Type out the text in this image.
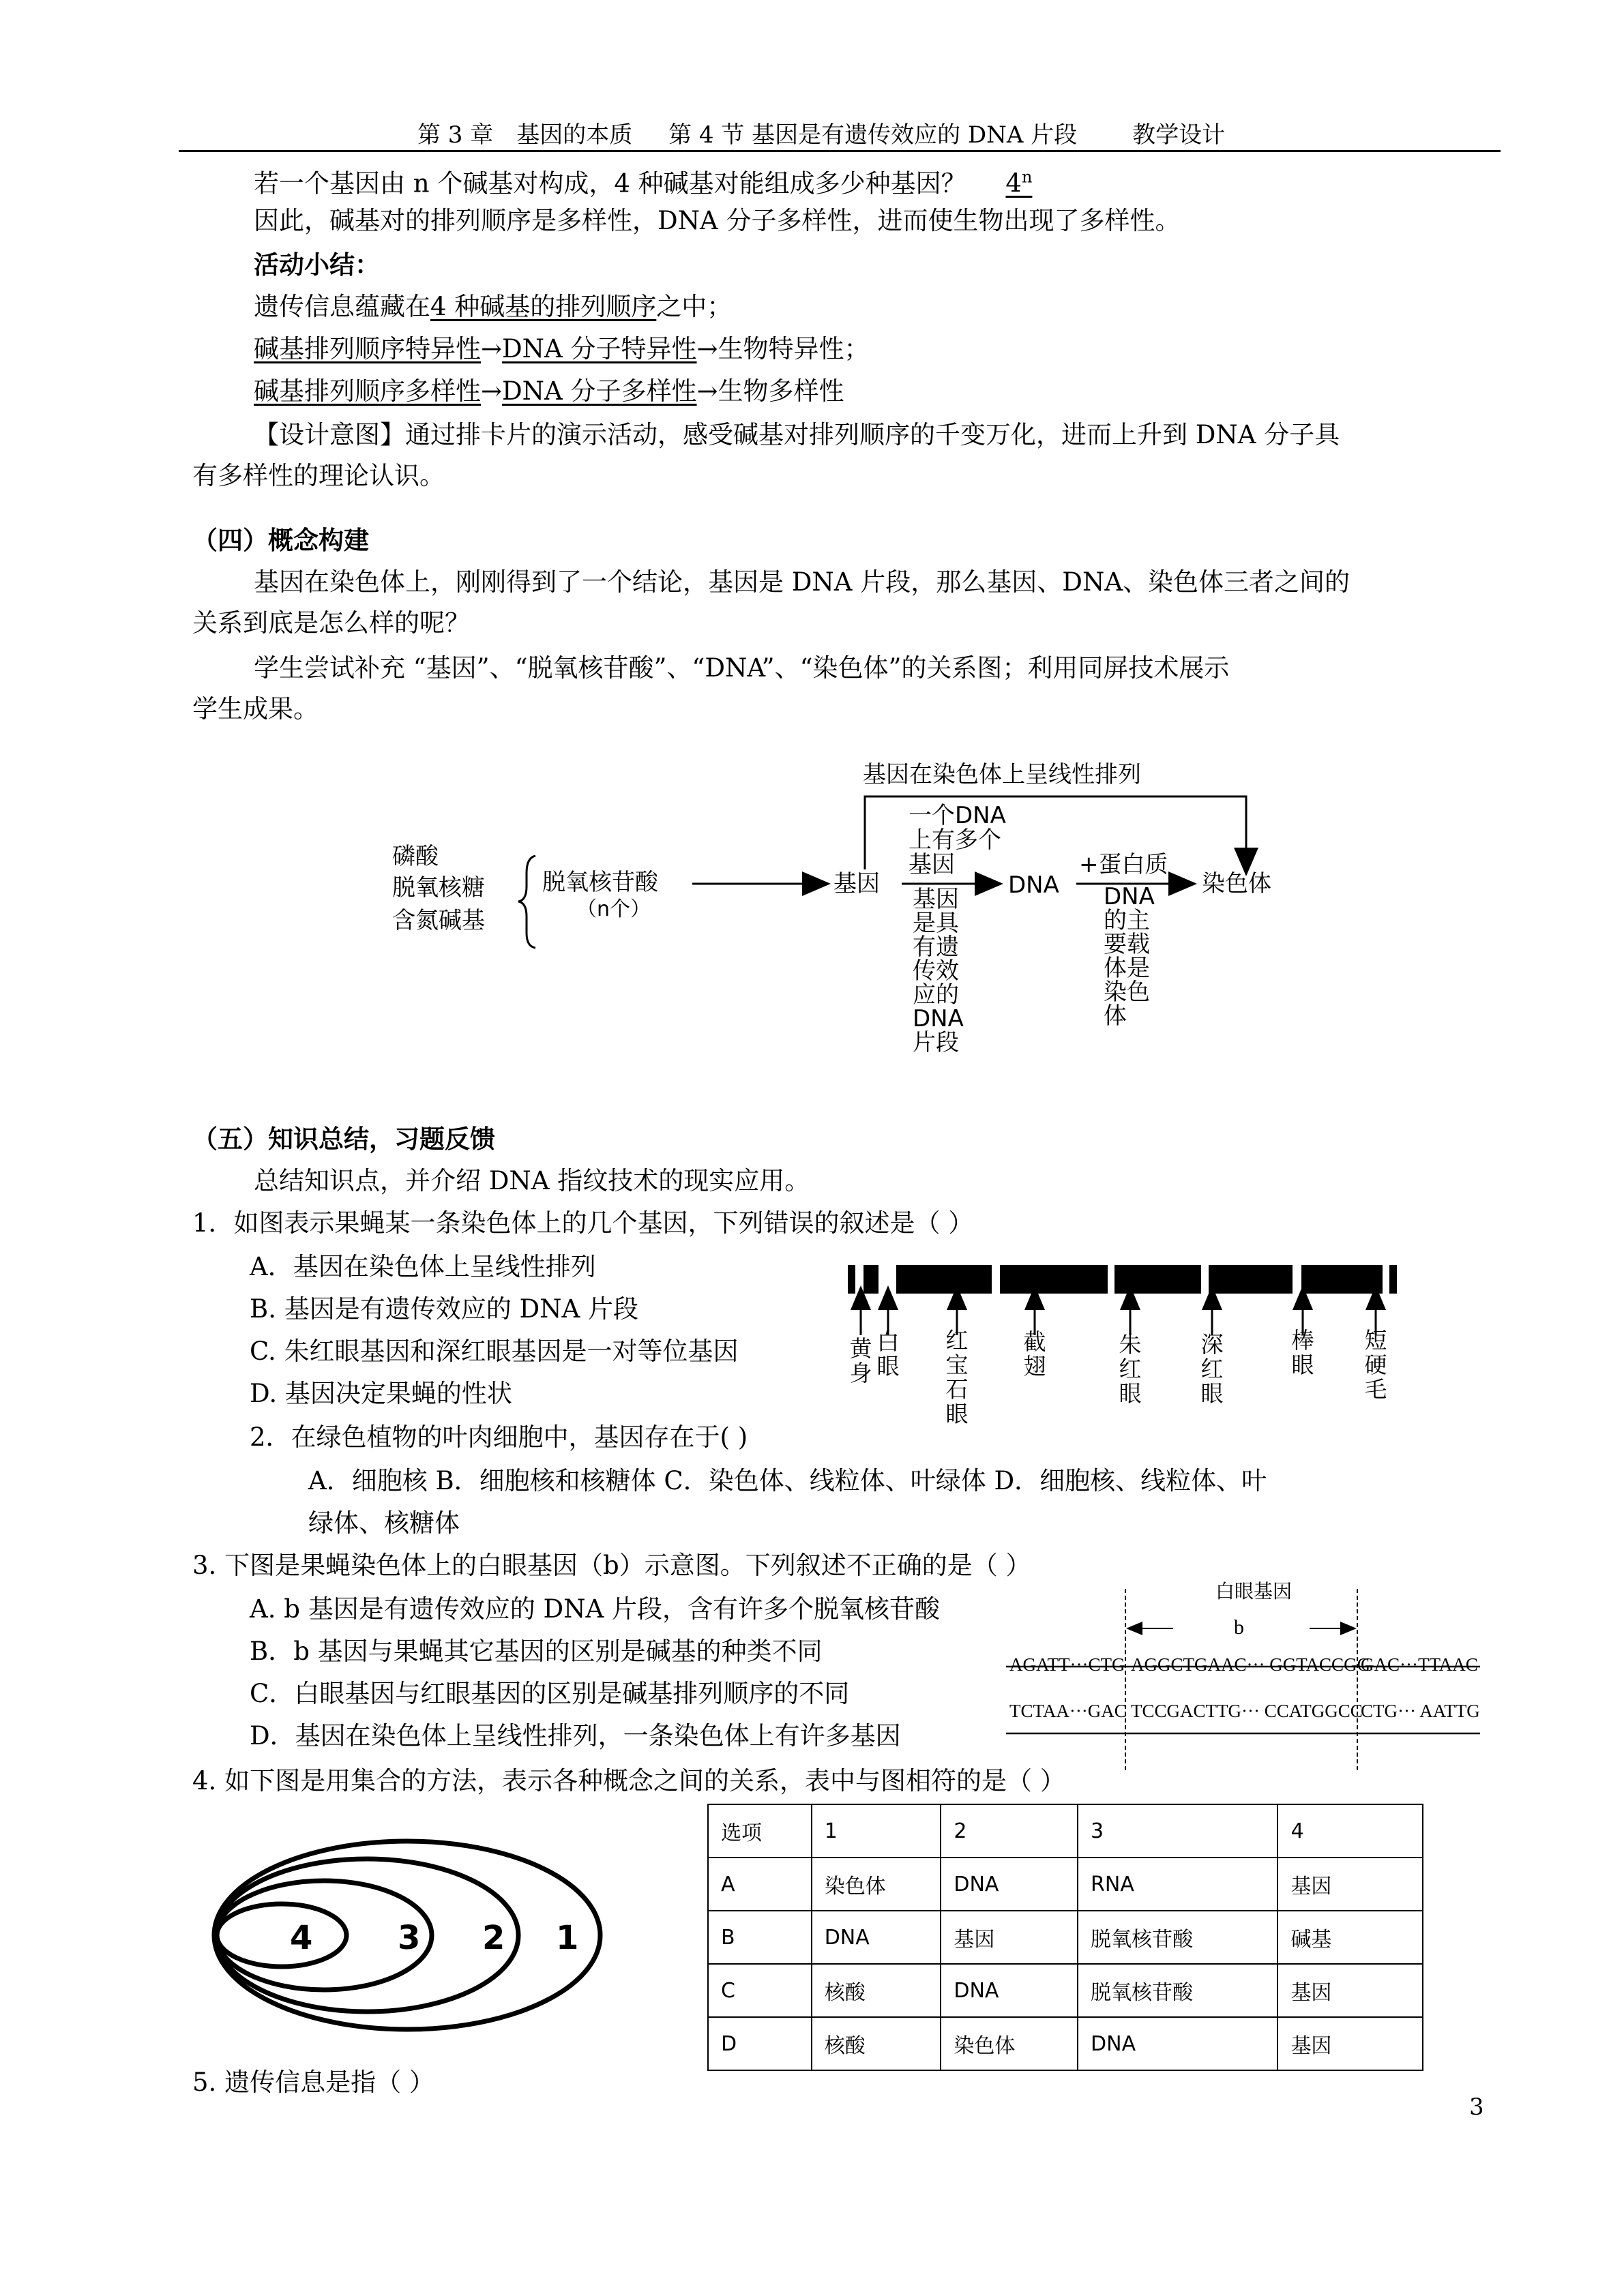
第 3 章　基因的本质 第 4 节 基因是有遗传效应的 DNA 片段 教学设计
若一个基因由 n 个碱基对构成，4 种碱基对能组成多少种基因？ 4$^n$
因此，碱基对的排列顺序是多样性，DNA 分子多样性，进而使生物出现了多样性。
活动小结：
遗传信息蕴藏在4 种碱基的排列顺序之中；
碱基排列顺序特异性→DNA 分子特异性→生物特异性；
碱基排列顺序多样性→DNA 分子多样性→生物多样性
【设计意图】通过排卡片的演示活动，感受碱基对排列顺序的千变万化，进而上升到 DNA 分子具
有多样性的理论认识。
（四）概念构建
基因在染色体上，刚刚得到了一个结论，基因是 DNA 片段，那么基因、DNA、染色体三者之间的
关系到底是怎么样的呢？
学生尝试补充 “基因”、“脱氧核苷酸”、“DNA”、“染色体”的关系图；利用同屏技术展示
学生成果。
磷酸
脱氧核糖
含氮碱基
脱氧核苷酸
（n个）
基因	DNA	染色体
基因在染色体上呈线性排列
一个DNA
上有多个
基因
基因是具有遗传效应的DNA片段
+蛋白质
DNA的主要载体是染色体
（五）知识总结，习题反馈
总结知识点，并介绍 DNA 指纹技术的现实应用。
1．如图表示果蝇某一条染色体上的几个基因，下列错误的叙述是（ ）
A．基因在染色体上呈线性排列
B. 基因是有遗传效应的 DNA 片段
C. 朱红眼基因和深红眼基因是一对等位基因
D. 基因决定果蝇的性状
黄身
白眼
红宝石眼
截翅
朱红眼
深红眼
棒眼
短硬毛
2．在绿色植物的叶肉细胞中，基因存在于( )
A．细胞核 B．细胞核和核糖体 C．染色体、线粒体、叶绿体 D．细胞核、线粒体、叶
绿体、核糖体
3. 下图是果蝇染色体上的白眼基因（b）示意图。下列叙述不正确的是（ ）
A. b 基因是有遗传效应的 DNA 片段，含有许多个脱氧核苷酸
B．b 基因与果蝇其它基因的区别是碱基的种类不同
C．白眼基因与红眼基因的区别是碱基排列顺序的不同
D．基因在染色体上呈线性排列，一条染色体上有许多基因
白眼基因
b
AGATT···CTG AGGCTGAAC··· GGTACCGG
GAC···TTAAC
TCTAA···GAC TCCGACTTG··· CCATGGCC
CTG··· AATTG
4. 如下图是用集合的方法，表示各种概念之间的关系，表中与图相符的是（ ）
4	3 2 1
选项	1	2	3	4
A	染色体	DNA	RNA	基因
B	DNA	基因	脱氧核苷酸	碱基
C	核酸	DNA	脱氧核苷酸	基因
D	核酸	染色体	DNA	基因
5. 遗传信息是指（ ）
3
